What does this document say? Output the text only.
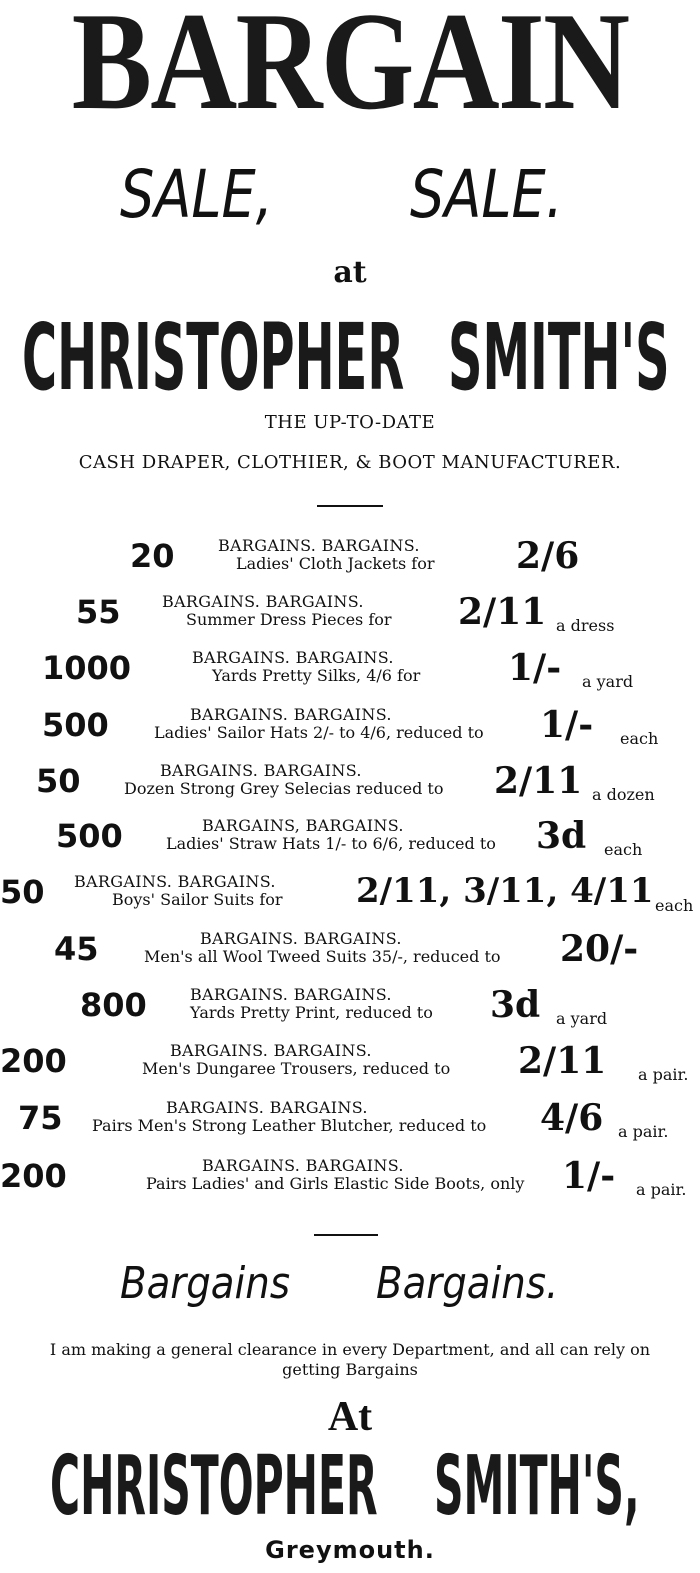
BARGAIN
SALE, SALE.
at
CHRISTOPHER SMITH'S
THE UP-TO-DATE
CASH DRAPER, CLOTHIER, & BOOT MANUFACTURER.
20	BARGAINS. BARGAINS.
Ladies' Cloth Jackets for 2/6
55	BARGAINS. BARGAINS.
Summer Dress Pieces for 2/11 a dress
1000	BARGAINS. BARGAINS.
Yards Pretty Silks, 4/6 for 1/- a yard
500	BARGAINS. BARGAINS.
Ladies' Sailor Hats 2/- to 4/6, reduced to 1/- each
50	BARGAINS. BARGAINS.
Dozen Strong Grey Selecias reduced to 2/11 a dozen
500	BARGAINS, BARGAINS.
Ladies' Straw Hats 1/- to 6/6, reduced to 3d each
50 BARGAINS. BARGAINS.
Boys' Sailor Suits for 2/11, 3/11, 4/11 each
45	BARGAINS. BARGAINS.
Men's all Wool Tweed Suits 35/-, reduced to 20/-
800	BARGAINS. BARGAINS.
Yards Pretty Print, reduced to 3d a yard
200	BARGAINS. BARGAINS.
Men's Dungaree Trousers, reduced to 2/11 a pair.
75	BARGAINS. BARGAINS.
Pairs Men's Strong Leather Blutcher, reduced to 4/6 a pair.
200	BARGAINS. BARGAINS.
Pairs Ladies' and Girls Elastic Side Boots, only 1/- a pair.
Bargains Bargains.
I am making a general clearance in every Department, and all can rely on
getting Bargains
At
CHRISTOPHER SMITH'S,
Greymouth.
